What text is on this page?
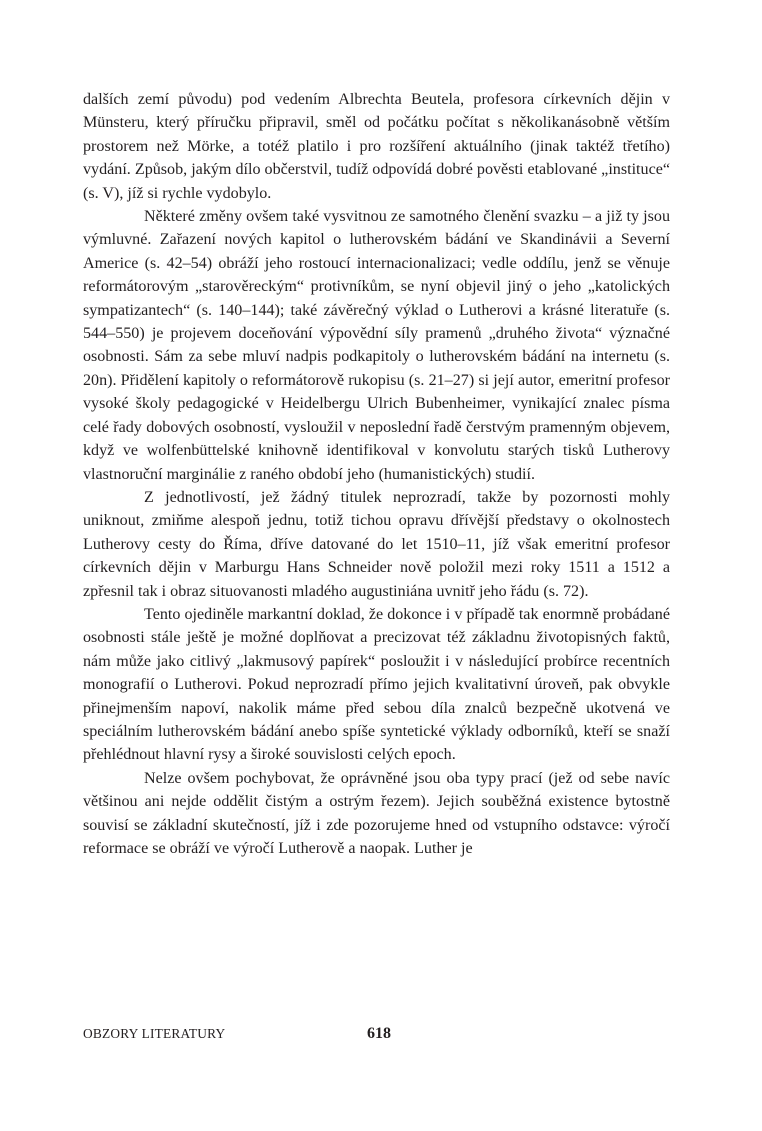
dalších zemí původu) pod vedením Albrechta Beutela, profesora církevních dějin v Münsteru, který příručku připravil, směl od počátku počítat s několikanásobně větším prostorem než Mörke, a totéž platilo i pro rozšíření aktuálního (jinak taktéž třetího) vydání. Způsob, jakým dílo občerstvil, tudíž odpovídá dobré pověsti etablované „instituce“ (s. V), jíž si rychle vydobylo.

Některé změny ovšem také vysvitnou ze samotného členění svazku – a již ty jsou výmluvné. Zařazení nových kapitol o lutherovském bádání ve Skandinávii a Severní Americe (s. 42–54) obráží jeho rostoucí internacionalizaci; vedle oddílu, jenž se věnuje reformátorovým „starověreckým“ protivníkům, se nyní objevil jiný o jeho „katolických sympatizantech“ (s. 140–144); také závěrečný výklad o Lutherovi a krásné literatuře (s. 544–550) je projevem doceňování výpovědní síly pramenů „druhého života“ význačné osobnosti. Sám za sebe mluví nadpis podkapitoly o lutherovském bádání na internetu (s. 20n). Přidělení kapitoly o reformátorově rukopisu (s. 21–27) si její autor, emeritní profesor vysoké školy pedagogické v Heidelbergu Ulrich Bubenheimer, vynikající znalec písma celé řady dobových osobností, vysloužil v neposlední řadě čerstvým pramenným objevem, když ve wolfenbüttelské knihovně identifikoval v konvolutu starých tisků Lutherovy vlastnoruční marginálie z raného období jeho (humanistických) studií.

Z jednotlivostí, jež žádný titulek neprozradí, takže by pozornosti mohly uniknout, zmiňme alespoň jednu, totiž tichou opravu dřívější představy o okolnostech Lutherovy cesty do Říma, dříve datované do let 1510–11, jíž však emeritní profesor církevních dějin v Marburgu Hans Schneider nově položil mezi roky 1511 a 1512 a zpřesnil tak i obraz situovanosti mladého augustiniána uvnitř jeho řádu (s. 72).

Tento ojediněle markantní doklad, že dokonce i v případě tak enormně probádané osobnosti stále ještě je možné doplňovat a precizovat též základnu životopisných faktů, nám může jako citlivý „lakmusový papírek“ posloužit i v následující probírce recentních monografií o Lutherovi. Pokud neprozradí přímo jejich kvalitativní úroveň, pak obvykle přinejmenším napoví, nakolik máme před sebou díla znalců bezpečně ukotvená ve speciálním lutherovském bádání anebo spíše syntetické výklady odborníků, kteří se snaží přehlédnout hlavní rysy a široké souvislosti celých epoch.

Nelze ovšem pochybovat, že oprávněné jsou oba typy prací (jež od sebe navíc většinou ani nejde oddělit čistým a ostrým řezem). Jejich souběžná existence bytostně souvisí se základní skutečností, jíž i zde pozorujeme hned od vstupního odstavce: výročí reformace se obráží ve výročí Lutherově a naopak. Luther je

OBZORY LITERATURY	618
